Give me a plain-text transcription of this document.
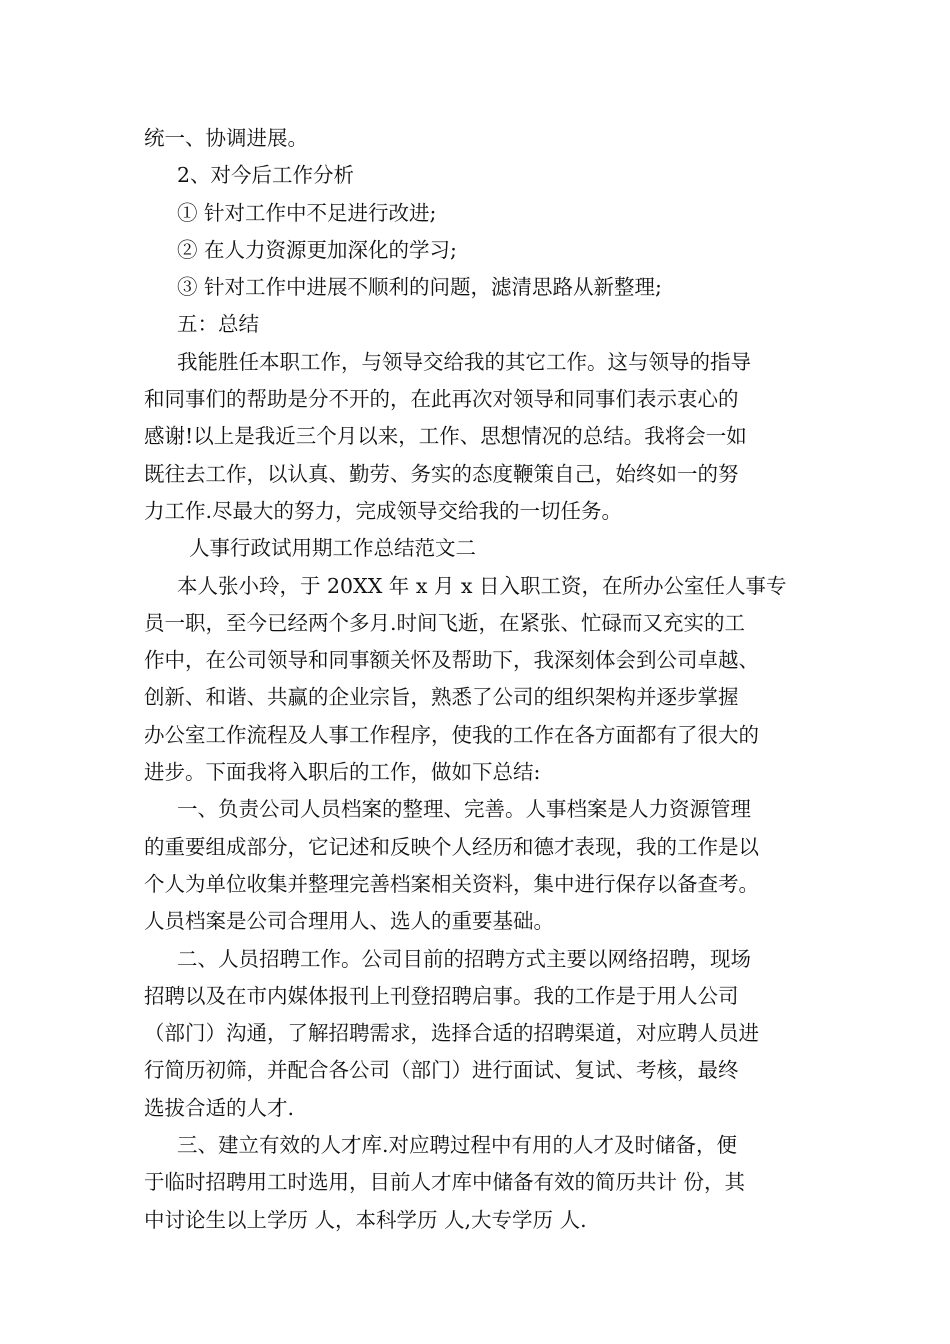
统一、协调进展。
2、对今后工作分析
① 针对工作中不足进行改进;
② 在人力资源更加深化的学习;
③ 针对工作中进展不顺利的问题，滤清思路从新整理;
五：总结
我能胜任本职工作，与领导交给我的其它工作。这与领导的指导
和同事们的帮助是分不开的，在此再次对领导和同事们表示衷心的
感谢!以上是我近三个月以来，工作、思想情况的总结。我将会一如
既往去工作，以认真、勤劳、务实的态度鞭策自己，始终如一的努
力工作.尽最大的努力，完成领导交给我的一切任务。
人事行政试用期工作总结范文二
本人张小玲，于 20XX 年 x 月 x 日入职工资，在所办公室任人事专
员一职，至今已经两个多月.时间飞逝，在紧张、忙碌而又充实的工
作中，在公司领导和同事额关怀及帮助下，我深刻体会到公司卓越、
创新、和谐、共赢的企业宗旨，熟悉了公司的组织架构并逐步掌握
办公室工作流程及人事工作程序，使我的工作在各方面都有了很大的
进步。下面我将入职后的工作，做如下总结:
一、负责公司人员档案的整理、完善。人事档案是人力资源管理
的重要组成部分，它记述和反映个人经历和德才表现，我的工作是以
个人为单位收集并整理完善档案相关资料，集中进行保存以备查考。
人员档案是公司合理用人、选人的重要基础。
二、人员招聘工作。公司目前的招聘方式主要以网络招聘，现场
招聘以及在市内媒体报刊上刊登招聘启事。我的工作是于用人公司
（部门）沟通，了解招聘需求，选择合适的招聘渠道，对应聘人员进
行简历初筛，并配合各公司（部门）进行面试、复试、考核，最终
选拔合适的人才.
三、建立有效的人才库.对应聘过程中有用的人才及时储备，便
于临时招聘用工时选用，目前人才库中储备有效的简历共计 份，其
中讨论生以上学历 人，本科学历 人,大专学历 人.
